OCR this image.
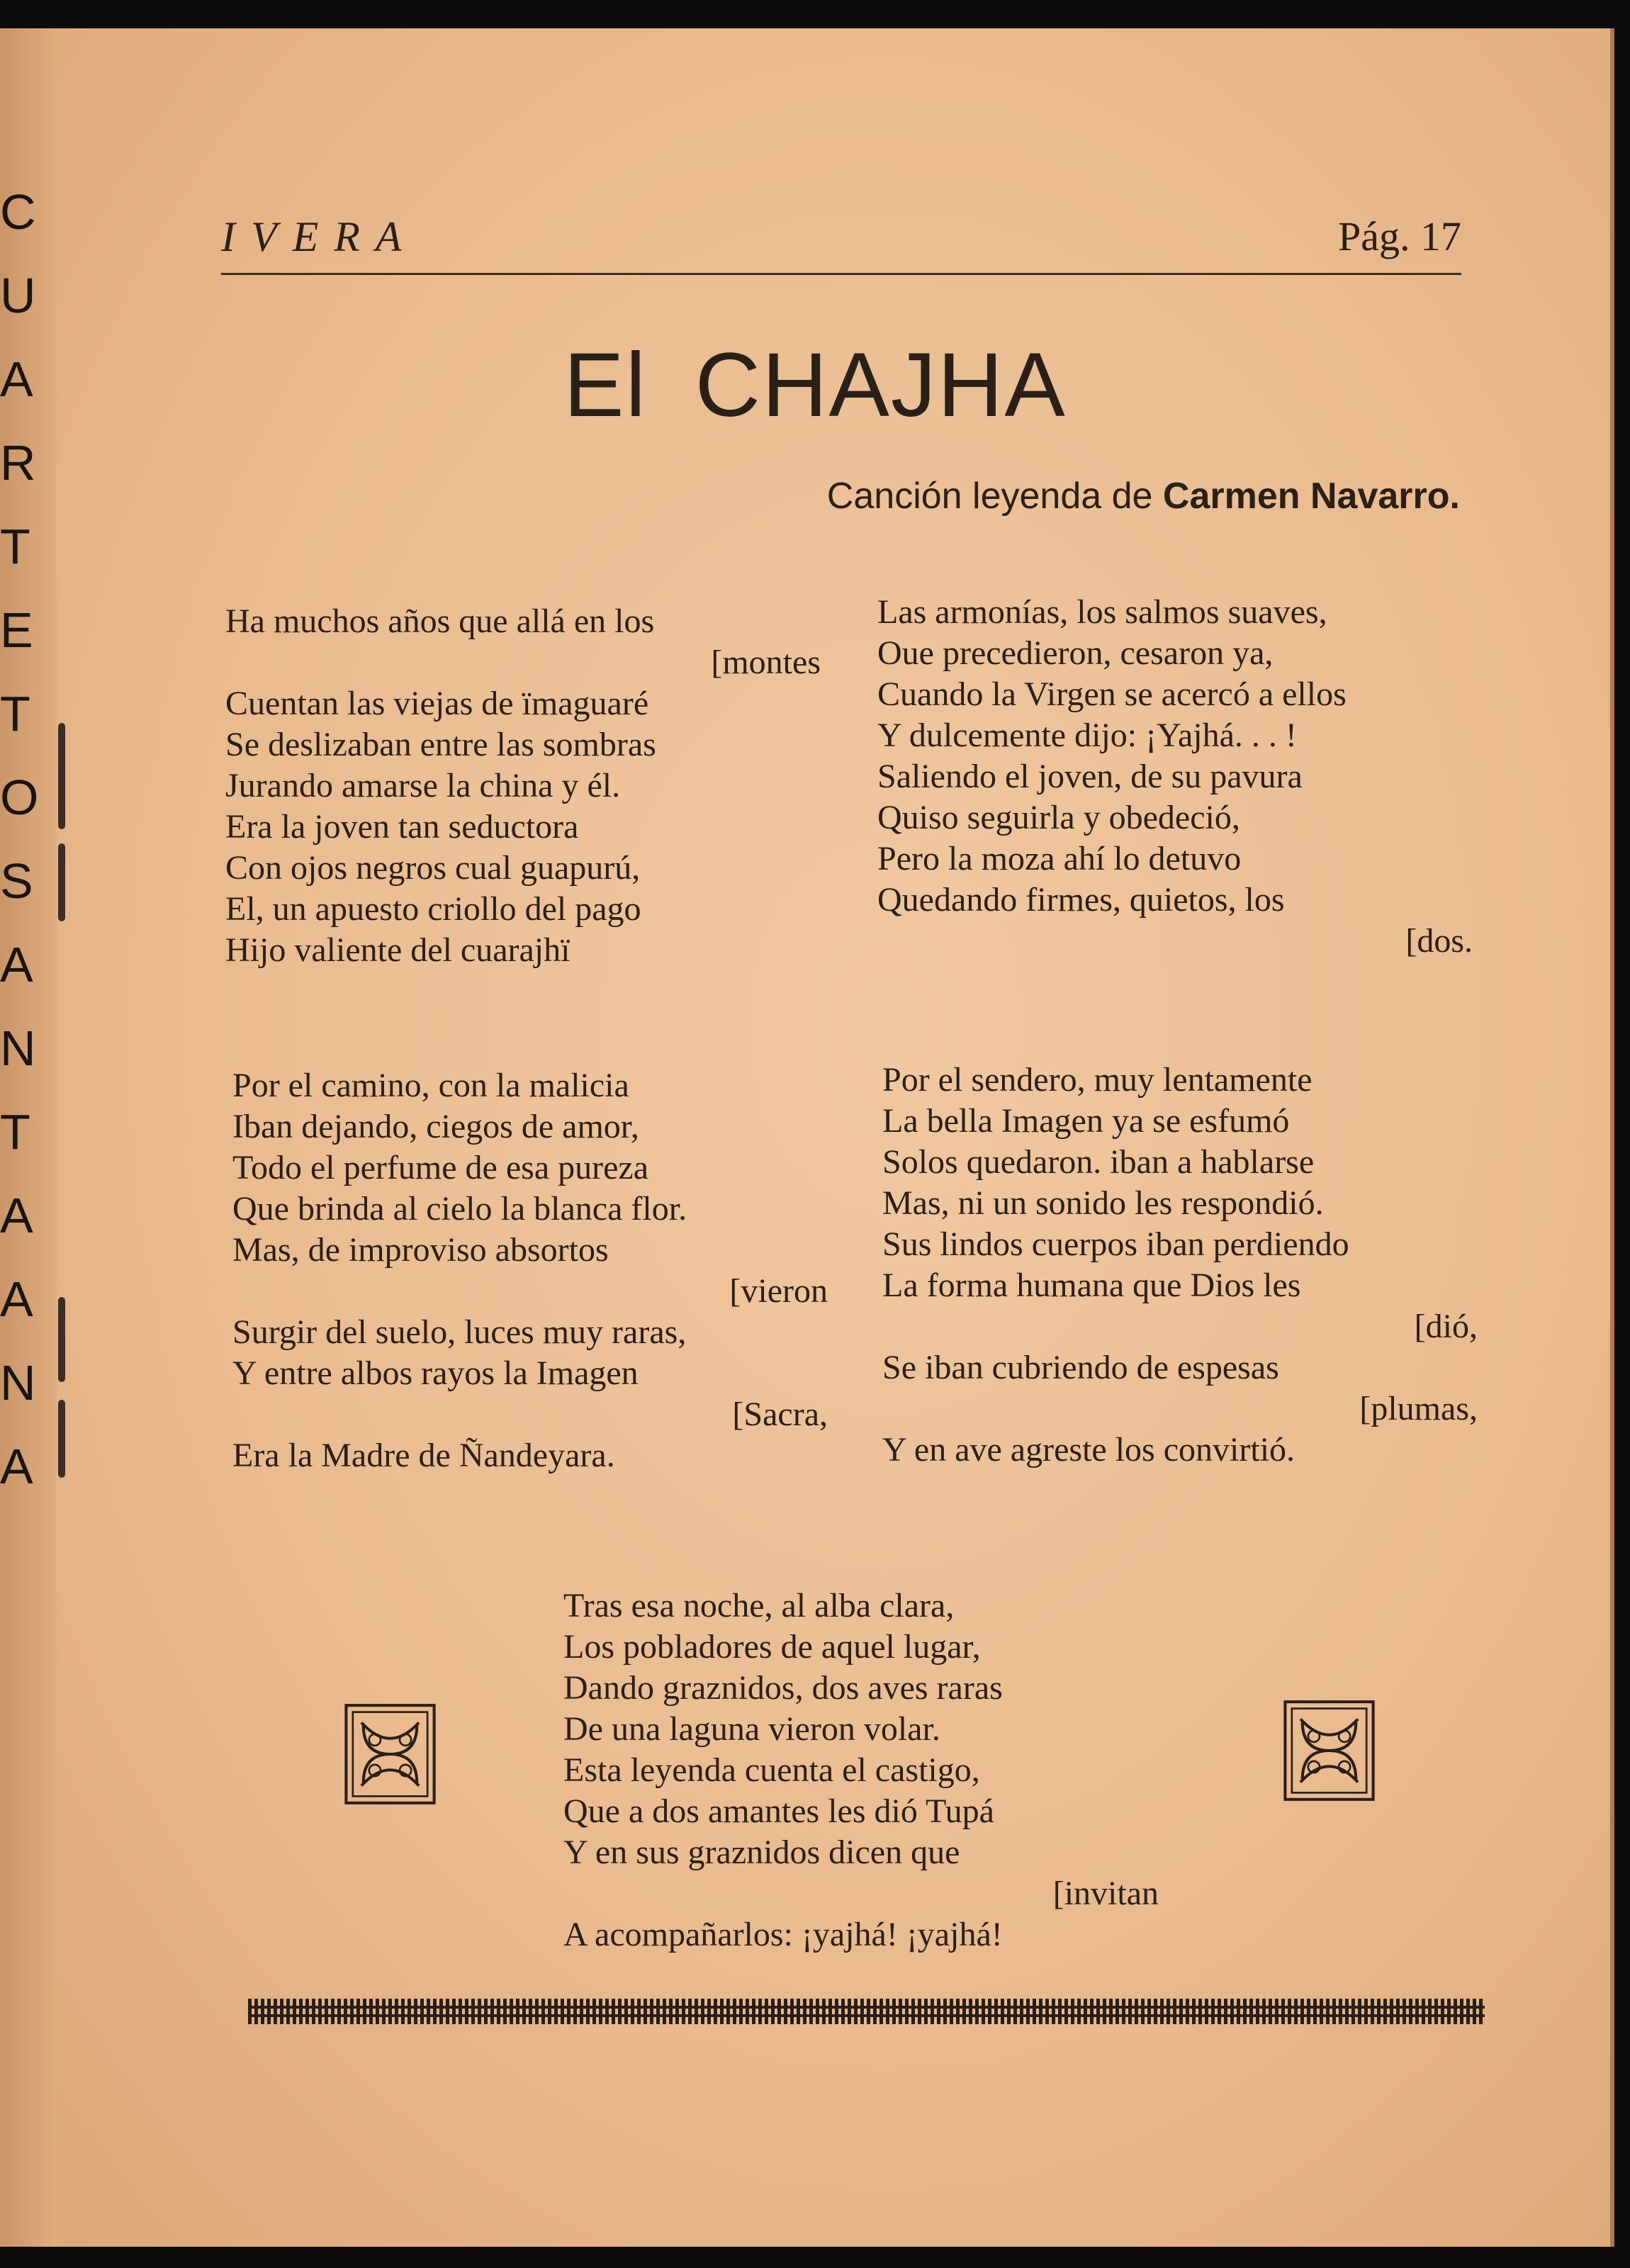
C
U
A
R
T
E
T
O
S
A
N
T
A
A
N
A
IVERA	Pág. 17
El CHAJHA
Canción leyenda de Carmen Navarro.
Ha muchos años que allá en los
[montes
Cuentan las viejas de ïmaguaré
Se deslizaban entre las sombras
Jurando amarse la china y él.
Era la joven tan seductora
Con ojos negros cual guapurú,
El, un apuesto criollo del pago
Hijo valiente del cuarajhï
Las armonías, los salmos suaves,
Oue precedieron, cesaron ya,
Cuando la Virgen se acercó a ellos
Y dulcemente dijo: ¡Yajhá. . . !
Saliendo el joven, de su pavura
Quiso seguirla y obedeció,
Pero la moza ahí lo detuvo
Quedando firmes, quietos, los
[dos.
Por el camino, con la malicia
Iban dejando, ciegos de amor,
Todo el perfume de esa pureza
Que brinda al cielo la blanca flor.
Mas, de improviso absortos
[vieron
Surgir del suelo, luces muy raras,
Y entre albos rayos la Imagen
[Sacra,
Era la Madre de Ñandeyara.
Por el sendero, muy lentamente
La bella Imagen ya se esfumó
Solos quedaron. iban a hablarse
Mas, ni un sonido les respondió.
Sus lindos cuerpos iban perdiendo
La forma humana que Dios les
[dió,
Se iban cubriendo de espesas
[plumas,
Y en ave agreste los convirtió.
Tras esa noche, al alba clara,
Los pobladores de aquel lugar,
Dando graznidos, dos aves raras
De una laguna vieron volar.
Esta leyenda cuenta el castigo,
Que a dos amantes les dió Tupá
Y en sus graznidos dicen que
[invitan
A acompañarlos: ¡yajhá! ¡yajhá!
